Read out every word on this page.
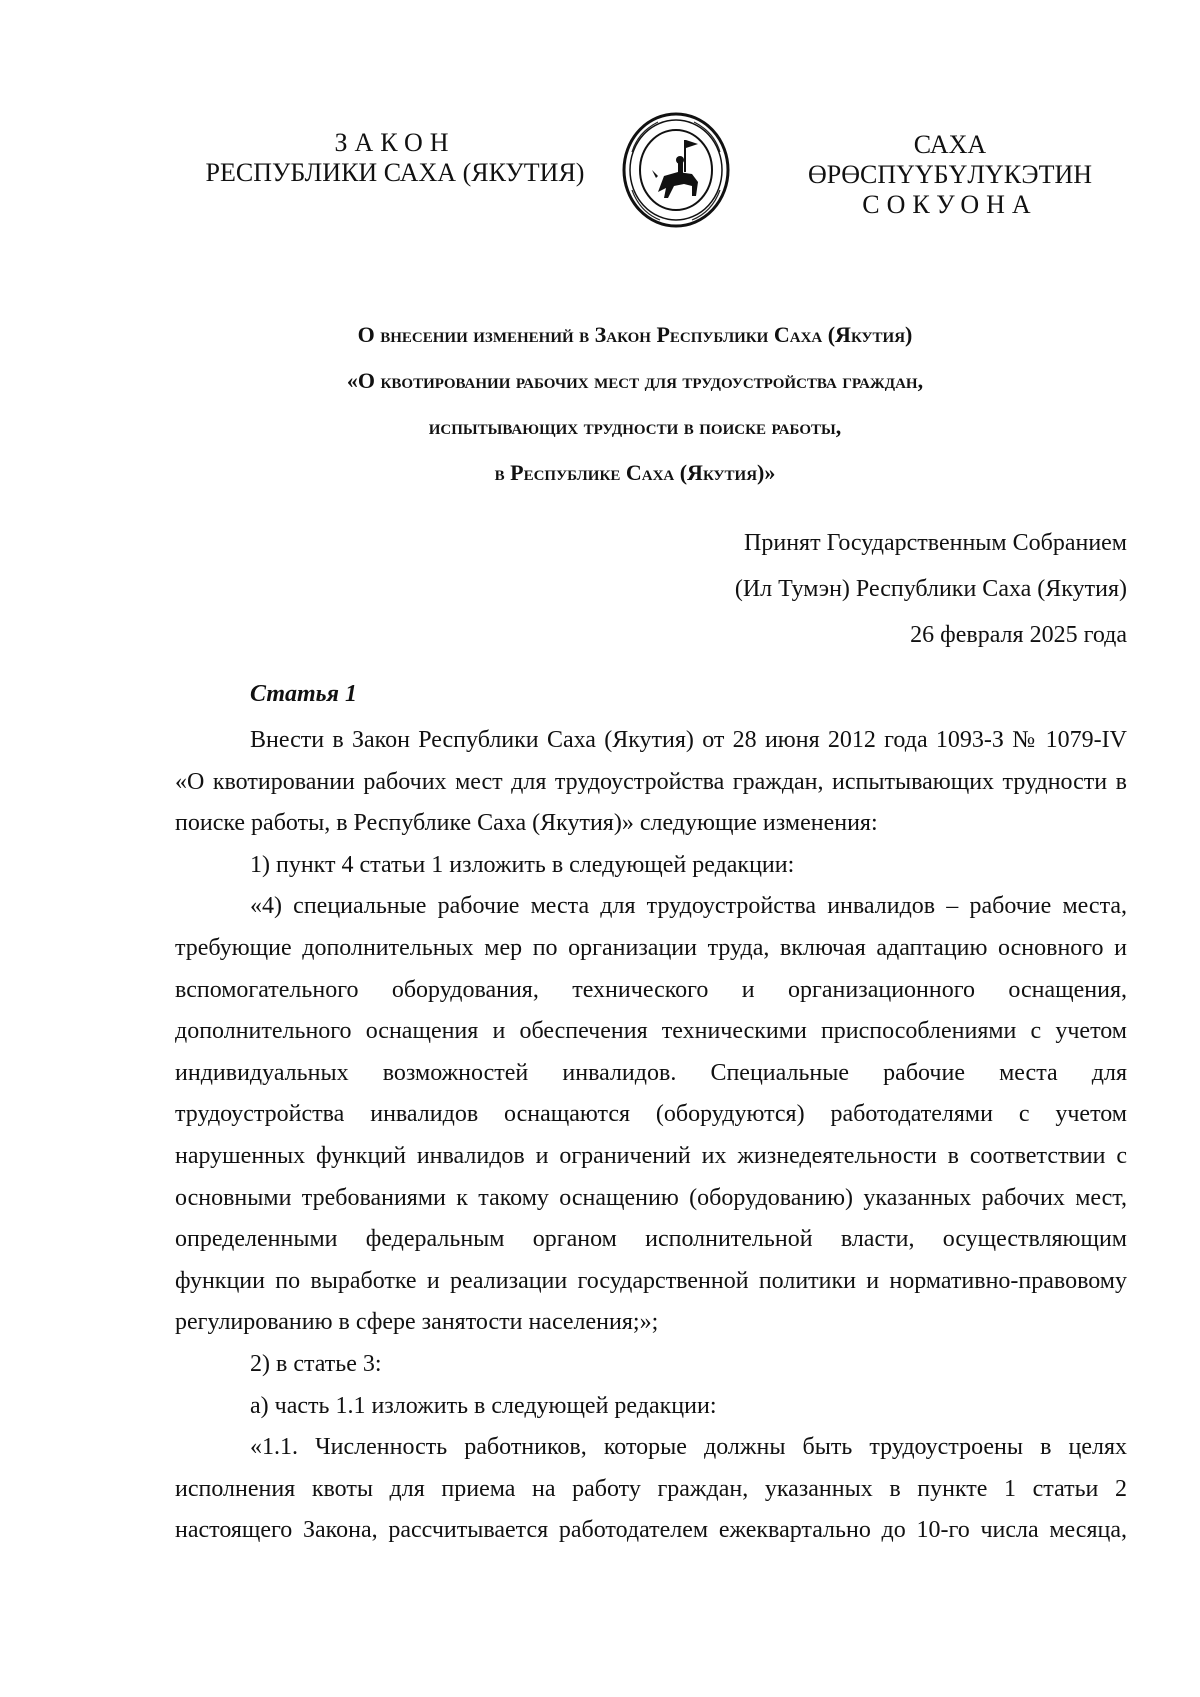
ЗАКОН
РЕСПУБЛИКИ САХА (ЯКУТИЯ)
САХА ӨРӨСПҮҮБҮЛҮКЭТИН
СОКУОНА
О внесении изменений в Закон Республики Саха (Якутия)
«О квотировании рабочих мест для трудоустройства граждан,
испытывающих трудности в поиске работы,
в Республике Саха (Якутия)»
Принят Государственным Собранием
(Ил Тумэн) Республики Саха (Якутия)
26 февраля 2025 года
Статья 1
Внести в Закон Республики Саха (Якутия) от 28 июня 2012 года 1093-З № 1079-IV
«О квотировании рабочих мест для трудоустройства граждан, испытывающих трудности в
поиске работы, в Республике Саха (Якутия)» следующие изменения:
1) пункт 4 статьи 1 изложить в следующей редакции:
«4) специальные рабочие места для трудоустройства инвалидов – рабочие места,
требующие дополнительных мер по организации труда, включая адаптацию основного и
вспомогательного оборудования, технического и организационного оснащения,
дополнительного оснащения и обеспечения техническими приспособлениями с учетом
индивидуальных возможностей инвалидов. Специальные рабочие места для
трудоустройства инвалидов оснащаются (оборудуются) работодателями с учетом
нарушенных функций инвалидов и ограничений их жизнедеятельности в соответствии с
основными требованиями к такому оснащению (оборудованию) указанных рабочих мест,
определенными федеральным органом исполнительной власти, осуществляющим
функции по выработке и реализации государственной политики и нормативно-правовому
регулированию в сфере занятости населения;»;
2) в статье 3:
а) часть 1.1 изложить в следующей редакции:
«1.1. Численность работников, которые должны быть трудоустроены в целях
исполнения квоты для приема на работу граждан, указанных в пункте 1 статьи 2
настоящего Закона, рассчитывается работодателем ежеквартально до 10-го числа месяца,
